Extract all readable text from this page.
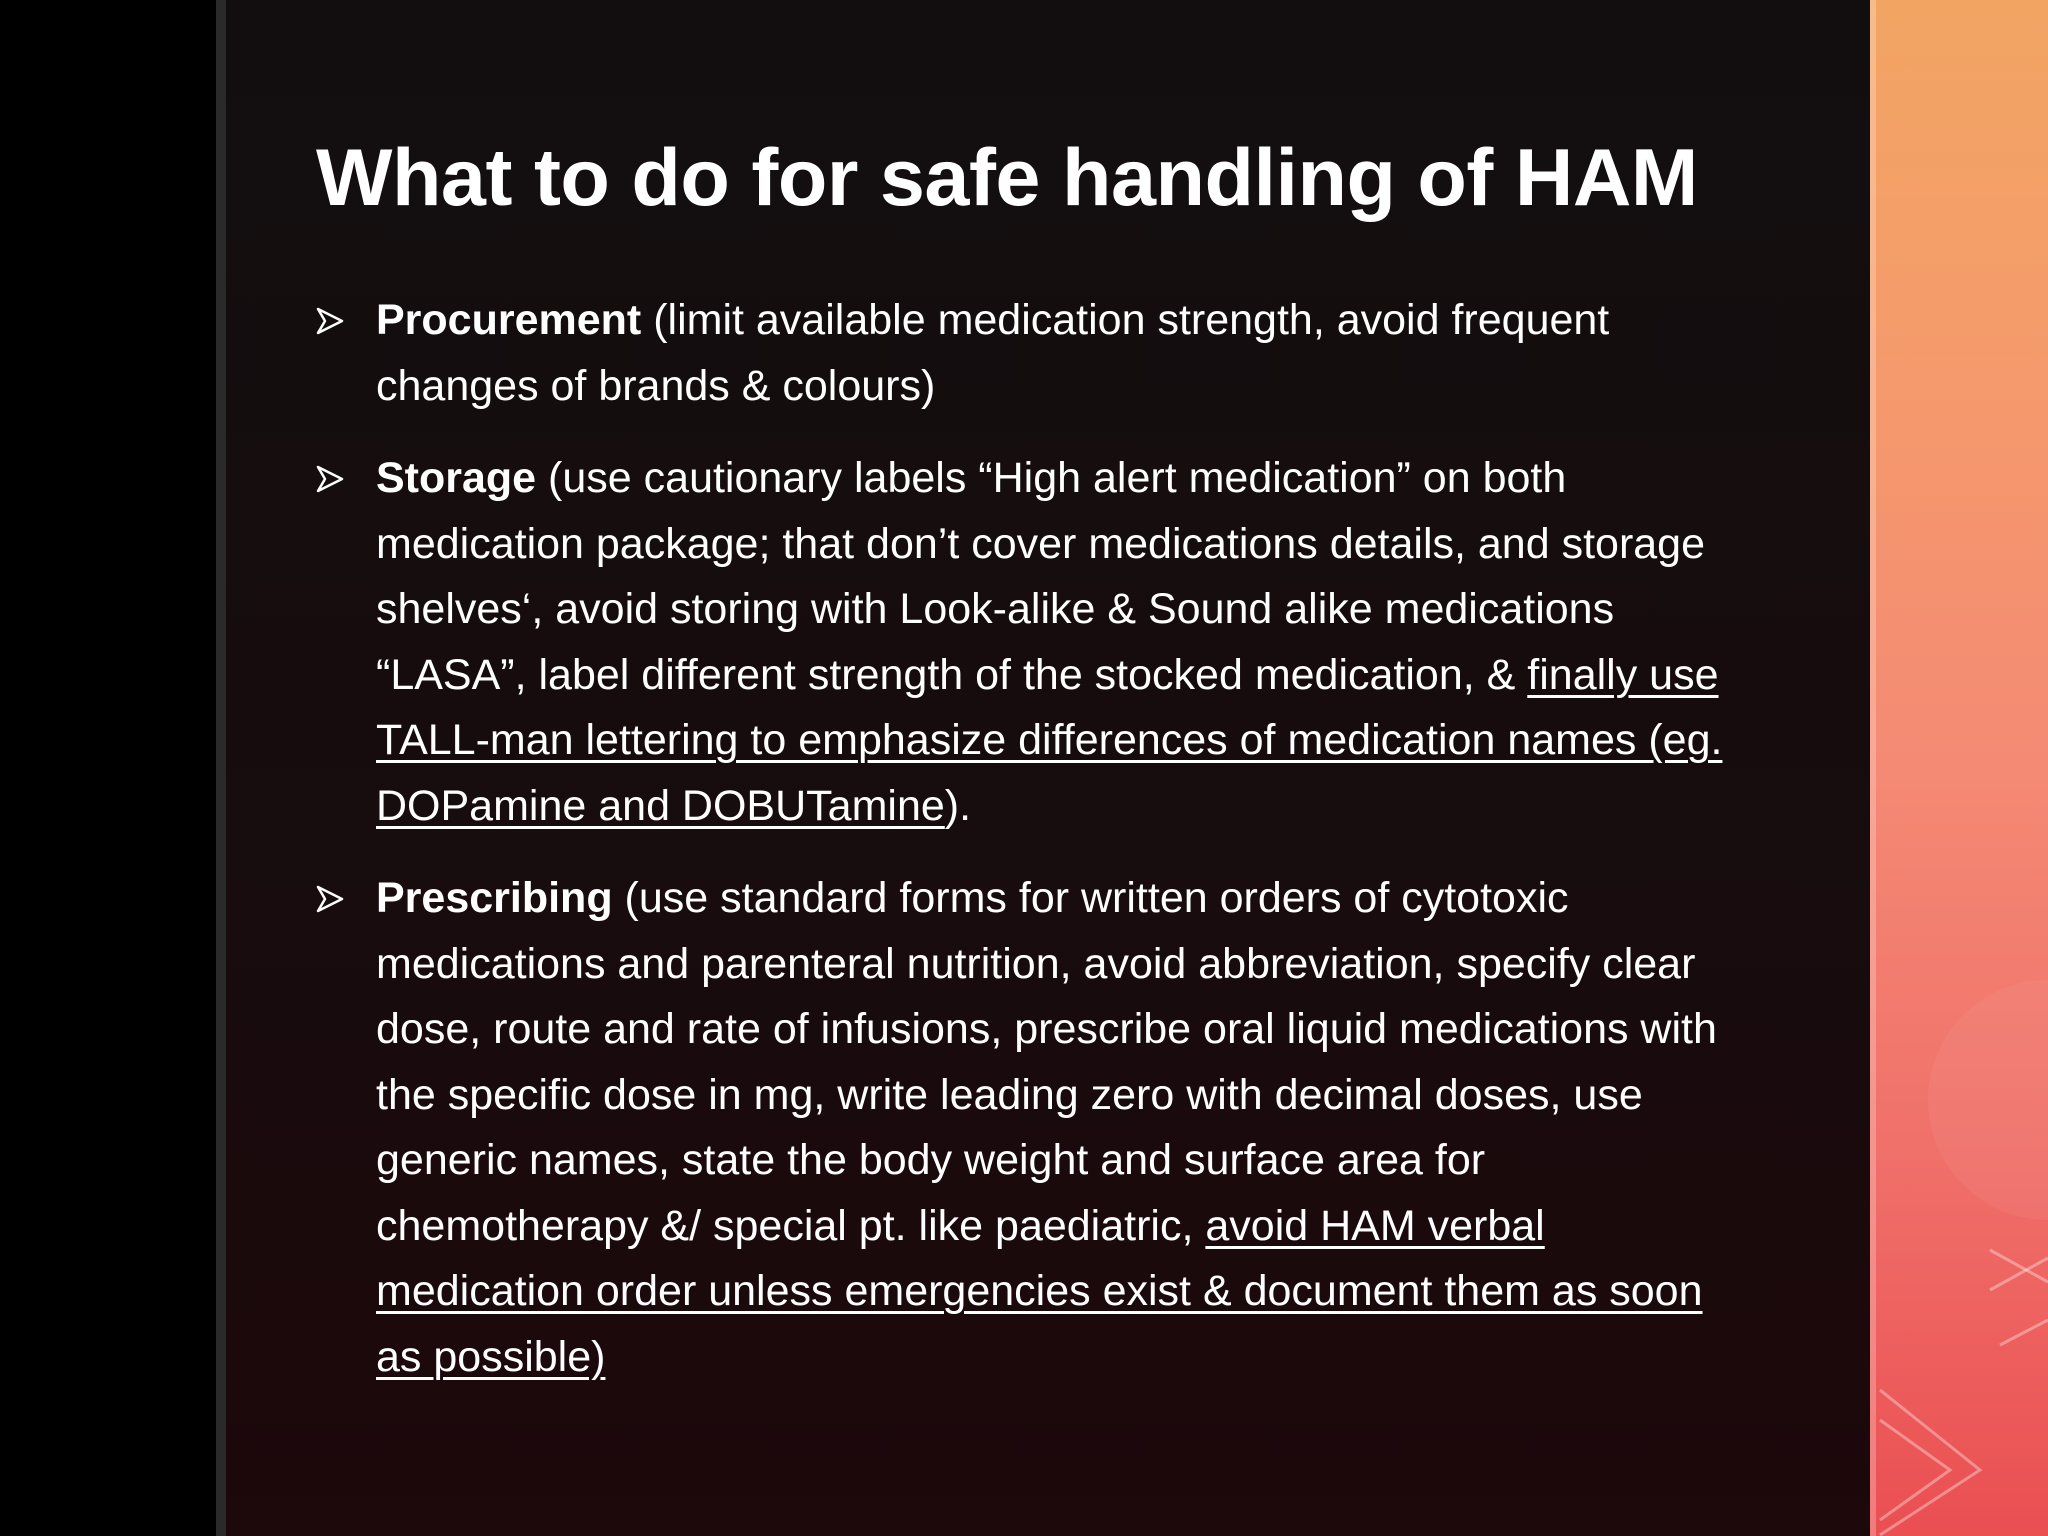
What to do for safe handling of HAM
Procurement (limit available medication strength, avoid frequent changes of brands & colours)
Storage (use cautionary labels “High alert medication” on both medication package; that don’t cover medications details, and storage shelves‘, avoid storing with Look-alike & Sound alike medications “LASA”, label different strength of the stocked medication, & finally use TALL-man lettering to emphasize differences of medication names (eg. DOPamine and DOBUTamine).
Prescribing (use standard forms for written orders of cytotoxic medications and parenteral nutrition, avoid abbreviation, specify clear dose, route and rate of infusions, prescribe oral liquid medications with the specific dose in mg, write leading zero with decimal doses, use generic names, state the body weight and surface area for chemotherapy &/ special pt. like paediatric, avoid HAM verbal medication order unless emergencies exist & document them as soon as possible)
